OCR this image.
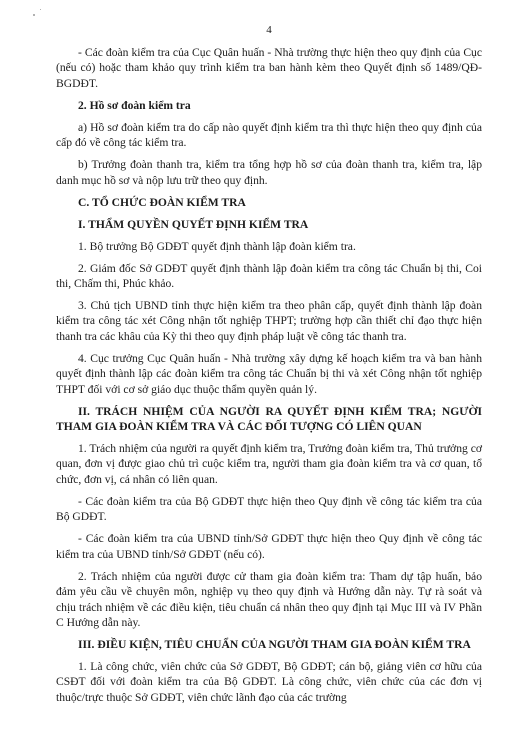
4

- Các đoàn kiểm tra của Cục Quân huấn - Nhà trường thực hiện theo quy định của Cục (nếu có) hoặc tham khảo quy trình kiểm tra ban hành kèm theo Quyết định số 1489/QĐ-BGDĐT.

2. Hồ sơ đoàn kiểm tra

a) Hồ sơ đoàn kiểm tra do cấp nào quyết định kiểm tra thì thực hiện theo quy định của cấp đó về công tác kiểm tra.

b) Trưởng đoàn thanh tra, kiểm tra tổng hợp hồ sơ của đoàn thanh tra, kiểm tra, lập danh mục hồ sơ và nộp lưu trữ theo quy định.

C. TỔ CHỨC ĐOÀN KIỂM TRA
I. THẨM QUYỀN QUYẾT ĐỊNH KIỂM TRA

1. Bộ trưởng Bộ GDĐT quyết định thành lập đoàn kiểm tra.

2. Giám đốc Sở GDĐT quyết định thành lập đoàn kiểm tra công tác Chuẩn bị thi, Coi thi, Chấm thi, Phúc khảo.

3. Chủ tịch UBND tỉnh thực hiện kiểm tra theo phân cấp, quyết định thành lập đoàn kiểm tra công tác xét Công nhận tốt nghiệp THPT; trường hợp cần thiết chỉ đạo thực hiện thanh tra các khâu của Kỳ thi theo quy định pháp luật về công tác thanh tra.

4. Cục trưởng Cục Quân huấn - Nhà trường xây dựng kế hoạch kiểm tra và ban hành quyết định thành lập các đoàn kiểm tra công tác Chuẩn bị thi và xét Công nhận tốt nghiệp THPT đối với cơ sở giáo dục thuộc thẩm quyền quản lý.

II. TRÁCH NHIỆM CỦA NGƯỜI RA QUYẾT ĐỊNH KIỂM TRA; NGƯỜI THAM GIA ĐOÀN KIỂM TRA VÀ CÁC ĐỐI TƯỢNG CÓ LIÊN QUAN

1. Trách nhiệm của người ra quyết định kiểm tra, Trưởng đoàn kiểm tra, Thủ trưởng cơ quan, đơn vị được giao chủ trì cuộc kiểm tra, người tham gia đoàn kiểm tra và cơ quan, tổ chức, đơn vị, cá nhân có liên quan.

- Các đoàn kiểm tra của Bộ GDĐT thực hiện theo Quy định về công tác kiểm tra của Bộ GDĐT.

- Các đoàn kiểm tra của UBND tỉnh/Sở GDĐT thực hiện theo Quy định về công tác kiểm tra của UBND tỉnh/Sở GDĐT (nếu có).

2. Trách nhiệm của người được cử tham gia đoàn kiểm tra: Tham dự tập huấn, bảo đảm yêu cầu về chuyên môn, nghiệp vụ theo quy định và Hướng dẫn này. Tự rà soát và chịu trách nhiệm về các điều kiện, tiêu chuẩn cá nhân theo quy định tại Mục III và IV Phần C Hướng dẫn này.

III. ĐIỀU KIỆN, TIÊU CHUẨN CỦA NGƯỜI THAM GIA ĐOÀN KIỂM TRA

1. Là công chức, viên chức của Sở GDĐT, Bộ GDĐT; cán bộ, giảng viên cơ hữu của CSĐT đối với đoàn kiểm tra của Bộ GDĐT. Là công chức, viên chức của các đơn vị thuộc/trực thuộc Sở GDĐT, viên chức lãnh đạo của các trường
